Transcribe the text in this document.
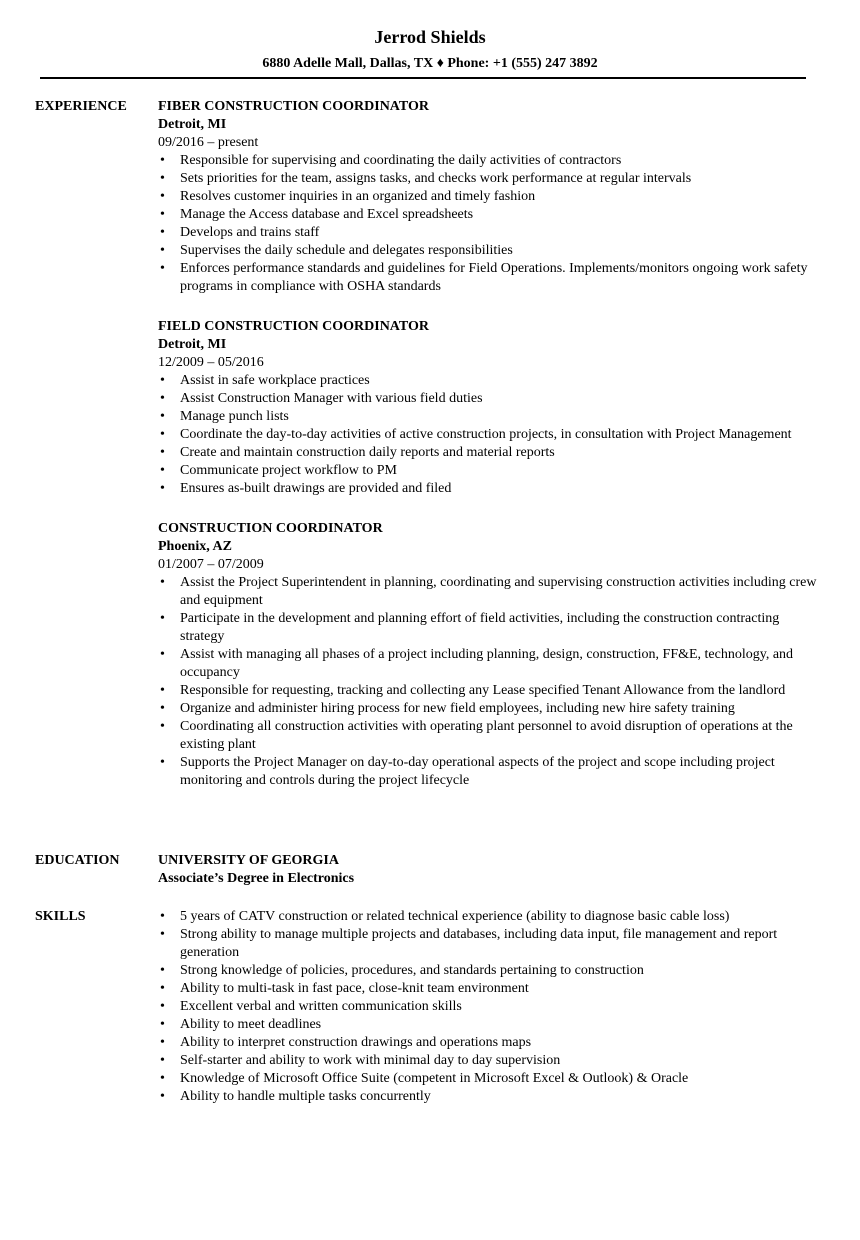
Jerrod Shields
6880 Adelle Mall, Dallas, TX ♦ Phone: +1 (555) 247 3892
EXPERIENCE FIBER CONSTRUCTION COORDINATOR
Detroit, MI
09/2016 – present
• Responsible for supervising and coordinating the daily activities of contractors
• Sets priorities for the team, assigns tasks, and checks work performance at regular intervals
• Resolves customer inquiries in an organized and timely fashion
• Manage the Access database and Excel spreadsheets
• Develops and trains staff
• Supervises the daily schedule and delegates responsibilities
• Enforces performance standards and guidelines for Field Operations. Implements/monitors ongoing work safety programs in compliance with OSHA standards
FIELD CONSTRUCTION COORDINATOR
Detroit, MI
12/2009 – 05/2016
• Assist in safe workplace practices
• Assist Construction Manager with various field duties
• Manage punch lists
• Coordinate the day-to-day activities of active construction projects, in consultation with Project Management
• Create and maintain construction daily reports and material reports
• Communicate project workflow to PM
• Ensures as-built drawings are provided and filed
CONSTRUCTION COORDINATOR
Phoenix, AZ
01/2007 – 07/2009
• Assist the Project Superintendent in planning, coordinating and supervising construction activities including crew and equipment
• Participate in the development and planning effort of field activities, including the construction contracting strategy
• Assist with managing all phases of a project including planning, design, construction, FF&E, technology, and occupancy
• Responsible for requesting, tracking and collecting any Lease specified Tenant Allowance from the landlord
• Organize and administer hiring process for new field employees, including new hire safety training
• Coordinating all construction activities with operating plant personnel to avoid disruption of operations at the existing plant
• Supports the Project Manager on day-to-day operational aspects of the project and scope including project monitoring and controls during the project lifecycle
EDUCATION	UNIVERSITY OF GEORGIA
Associate’s Degree in Electronics
SKILLS
•	5 years of CATV construction or related technical experience (ability to diagnose basic cable loss)
• Strong ability to manage multiple projects and databases, including data input, file management and report generation
• Strong knowledge of policies, procedures, and standards pertaining to construction
• Ability to multi-task in fast pace, close-knit team environment
• Excellent verbal and written communication skills
• Ability to meet deadlines
• Ability to interpret construction drawings and operations maps
• Self-starter and ability to work with minimal day to day supervision
• Knowledge of Microsoft Office Suite (competent in Microsoft Excel & Outlook) & Oracle
• Ability to handle multiple tasks concurrently
